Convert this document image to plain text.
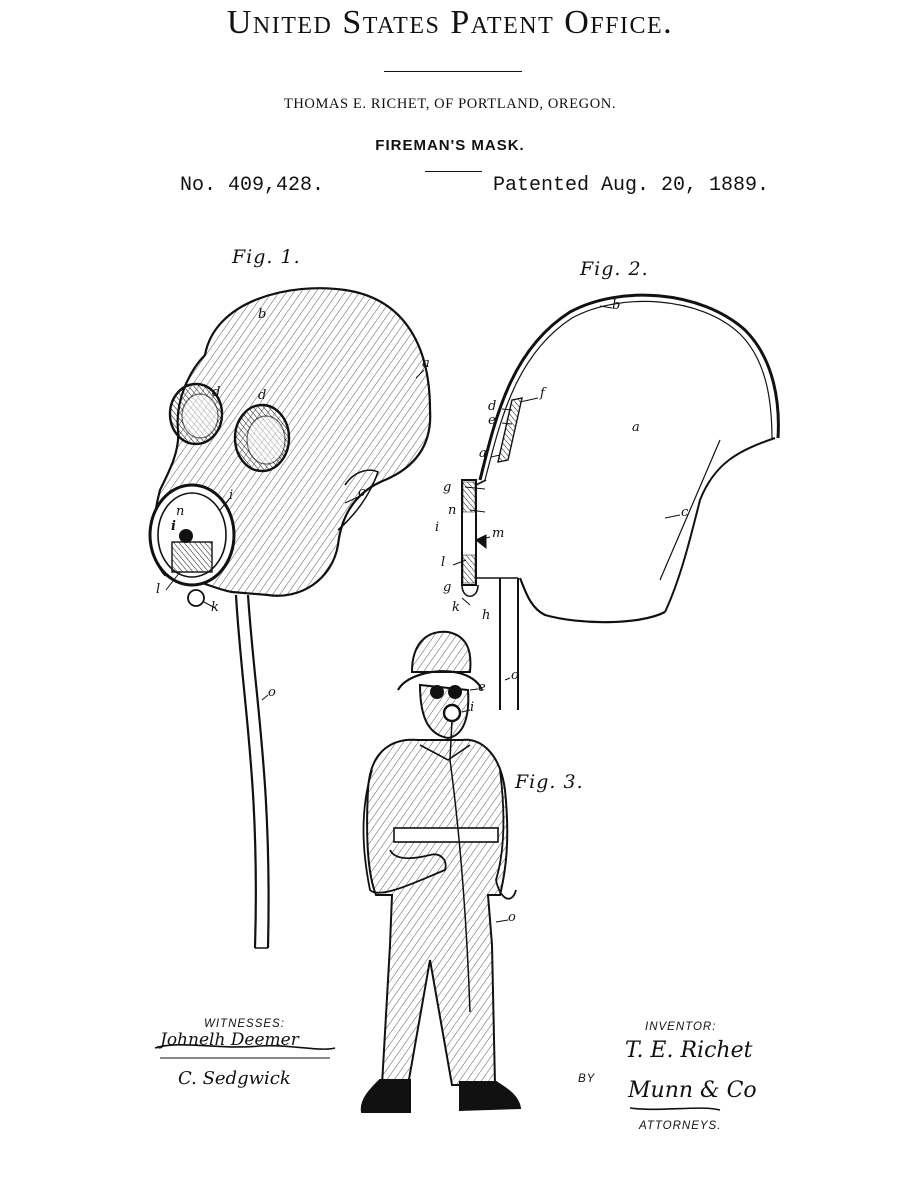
United States Patent Office.
THOMAS E. RICHET, OF PORTLAND, OREGON.
FIREMAN'S MASK.
No. 409,428.	Patented Aug. 20, 1889.
Fig. 1.
Fig. 2.
Fig. 3.
b
a
d	d
c
n
i
i
l
k
o
b
a
f
d
e
a
g
n
i	m
l
g
k
h
c
o
e
i
o
WITNESSES:
Johnelh Deemer
C. Sedgwick
INVENTOR:
T. E. Richet
BY Munn & Co
ATTORNEYS.
